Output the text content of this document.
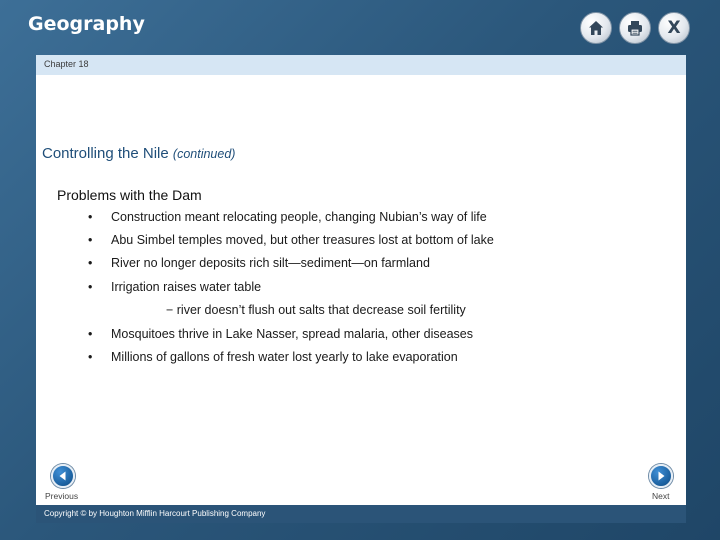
Geography	X
Chapter 18
Controlling the Nile (continued)
Problems with the Dam
• Construction meant relocating people, changing Nubian’s way of life
• Abu Simbel temples moved, but other treasures lost at bottom of lake
• River no longer deposits rich silt—sediment—on farmland
• Irrigation raises water table
− river doesn’t flush out salts that decrease soil fertility
• Mosquitoes thrive in Lake Nasser, spread malaria, other diseases
• Millions of gallons of fresh water lost yearly to lake evaporation
Previous	Next
Copyright © by Houghton Mifflin Harcourt Publishing Company
